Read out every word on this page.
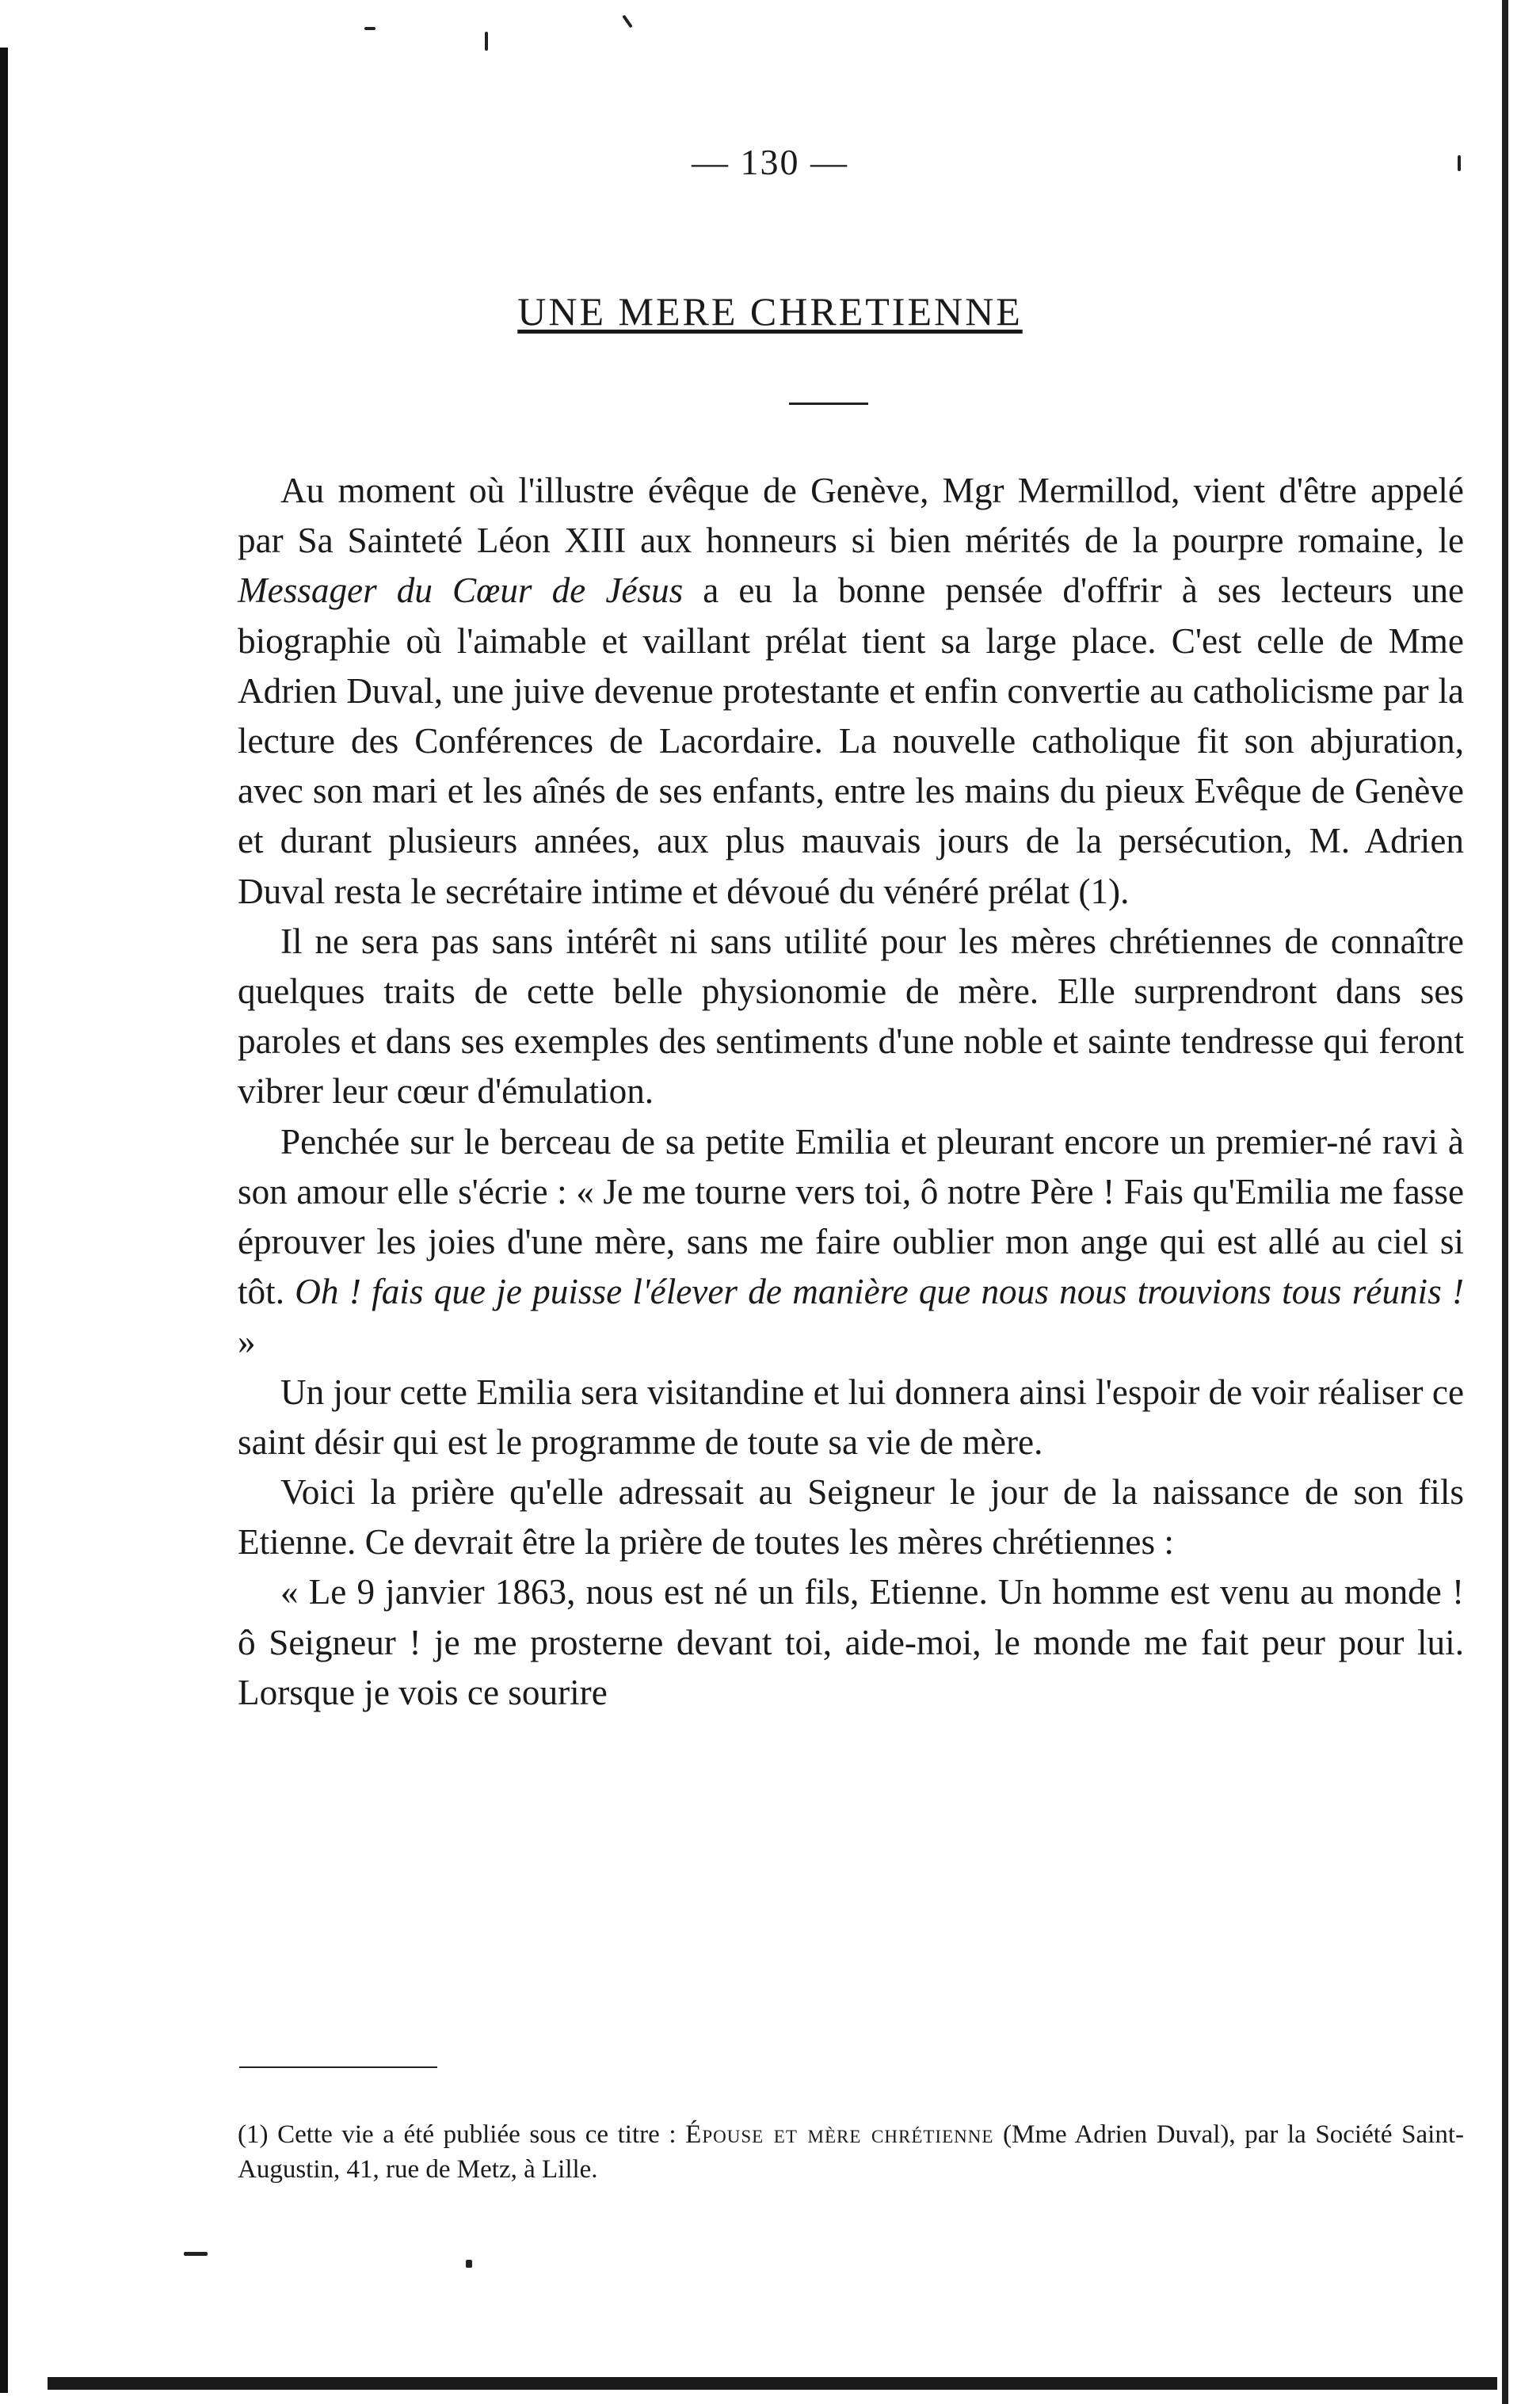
— 130 —
UNE MERE CHRETIENNE

Au moment où l'illustre évêque de Genève, Mgr Mermillod, vient d'être appelé par Sa Sainteté Léon XIII aux honneurs si bien mérités de la pourpre romaine, le Messager du Cœur de Jésus a eu la bonne pensée d'offrir à ses lecteurs une biographie où l'aimable et vaillant prélat tient sa large place. C'est celle de Mme Adrien Duval, une juive devenue protestante et enfin convertie au catholicisme par la lecture des Conférences de Lacordaire. La nouvelle catholique fit son abjuration, avec son mari et les aînés de ses enfants, entre les mains du pieux Evêque de Genève et durant plusieurs années, aux plus mauvais jours de la persécution, M. Adrien Duval resta le secrétaire intime et dévoué du vénéré prélat (1).

Il ne sera pas sans intérêt ni sans utilité pour les mères chrétiennes de connaître quelques traits de cette belle physionomie de mère. Elle surprendront dans ses paroles et dans ses exemples des sentiments d'une noble et sainte tendresse qui feront vibrer leur cœur d'émulation.

Penchée sur le berceau de sa petite Emilia et pleurant encore un premier-né ravi à son amour elle s'écrie : « Je me tourne vers toi, ô notre Père ! Fais qu'Emilia me fasse éprouver les joies d'une mère, sans me faire oublier mon ange qui est allé au ciel si tôt. Oh ! fais que je puisse l'élever de manière que nous nous trouvions tous réunis ! »

Un jour cette Emilia sera visitandine et lui donnera ainsi l'espoir de voir réaliser ce saint désir qui est le programme de toute sa vie de mère.

Voici la prière qu'elle adressait au Seigneur le jour de la naissance de son fils Etienne. Ce devrait être la prière de toutes les mères chrétiennes :

« Le 9 janvier 1863, nous est né un fils, Etienne. Un homme est venu au monde ! ô Seigneur ! je me prosterne devant toi, aide-moi, le monde me fait peur pour lui. Lorsque je vois ce sourire

(1) Cette vie a été publiée sous ce titre : Épouse et mère chrétienne (Mme Adrien Duval), par la Société Saint-Augustin, 41, rue de Metz, à Lille.
